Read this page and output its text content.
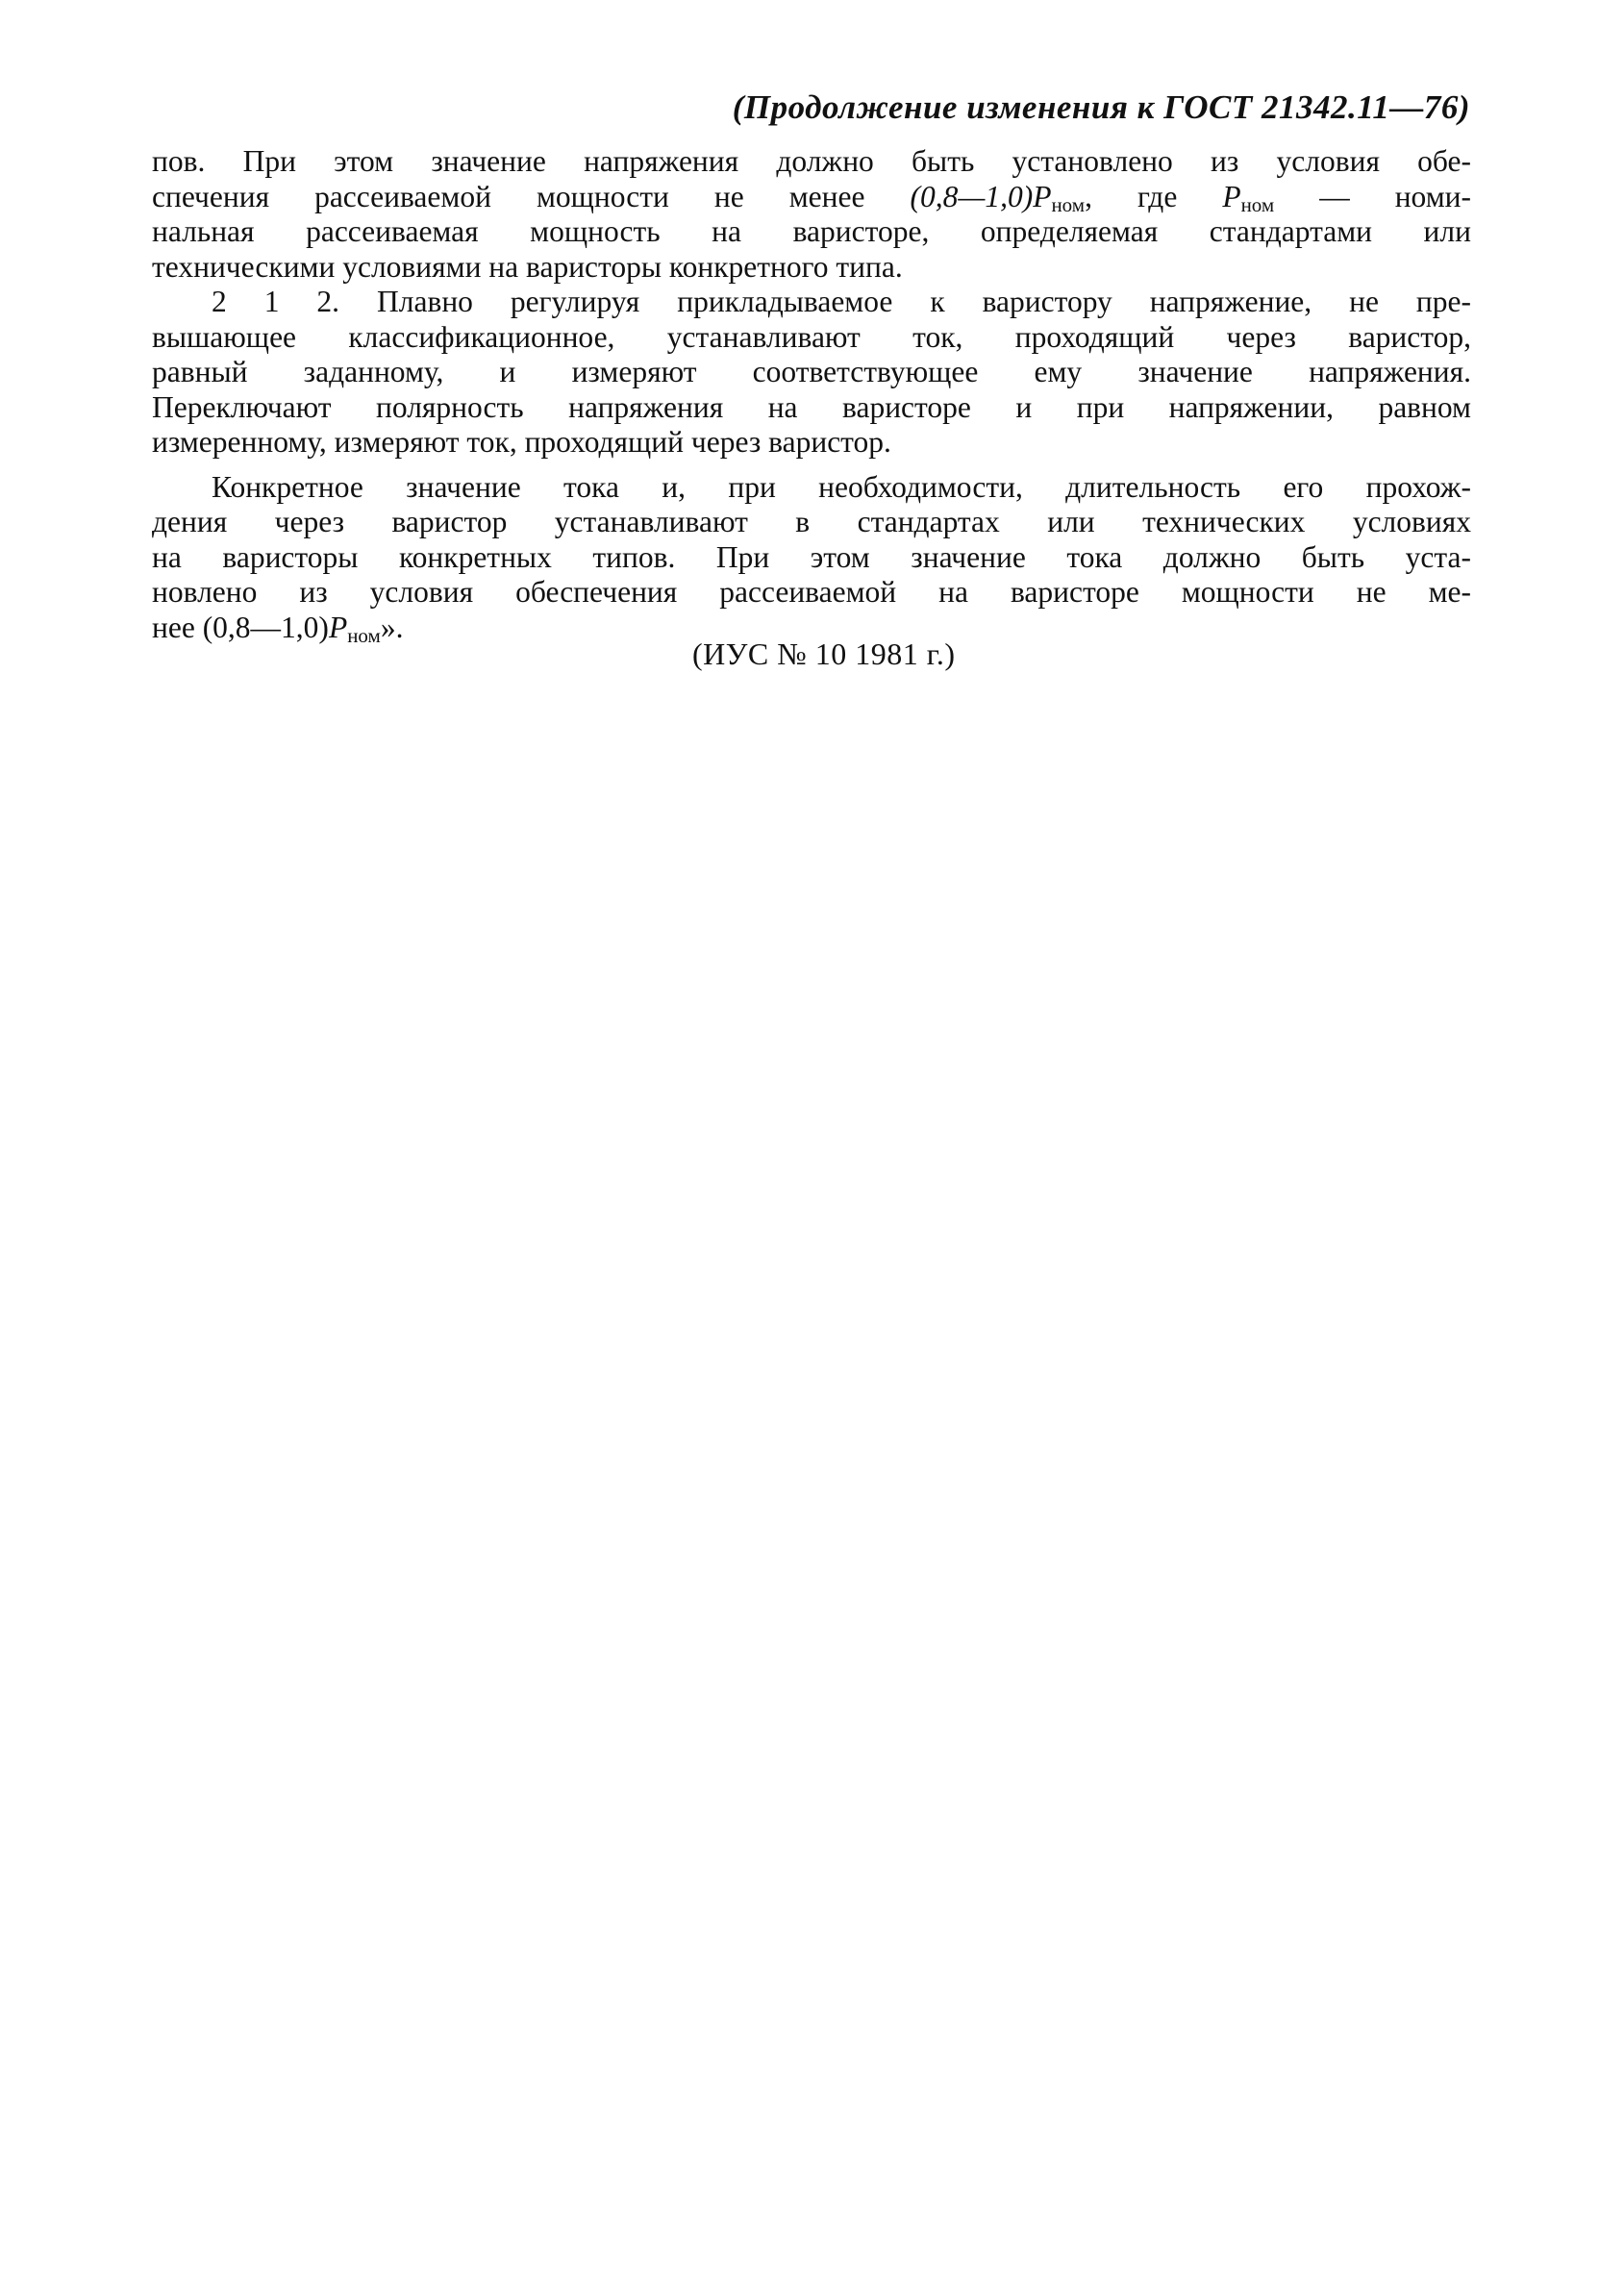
(Продолжение изменения к ГОСТ 21342.11—76)
пов. При этом значение напряжения должно быть установлено из условия обе-
спечения рассеиваемой мощности не менее $(0,8—1,0)P_{ном}$, где $P_{ном}$ — номи-
нальная рассеиваемая мощность на варисторе, определяемая стандартами или
техническими условиями на варисторы конкретного типа.
2 1 2. Плавно регулируя прикладываемое к варистору напряжение, не пре-
вышающее классификационное, устанавливают ток, проходящий через варистор,
равный заданному, и измеряют соответствующее ему значение напряжения.
Переключают полярность напряжения на варисторе и при напряжении, равном
измеренному, измеряют ток, проходящий через варистор.
Конкретное значение тока и, при необходимости, длительность его прохож-
дения через варистор устанавливают в стандартах или технических условиях
на варисторы конкретных типов. При этом значение тока должно быть уста-
новлено из условия обеспечения рассеиваемой на варисторе мощности не ме-
нее $(0,8—1,0)P_{ном}$».
(ИУС № 10 1981 г.)
